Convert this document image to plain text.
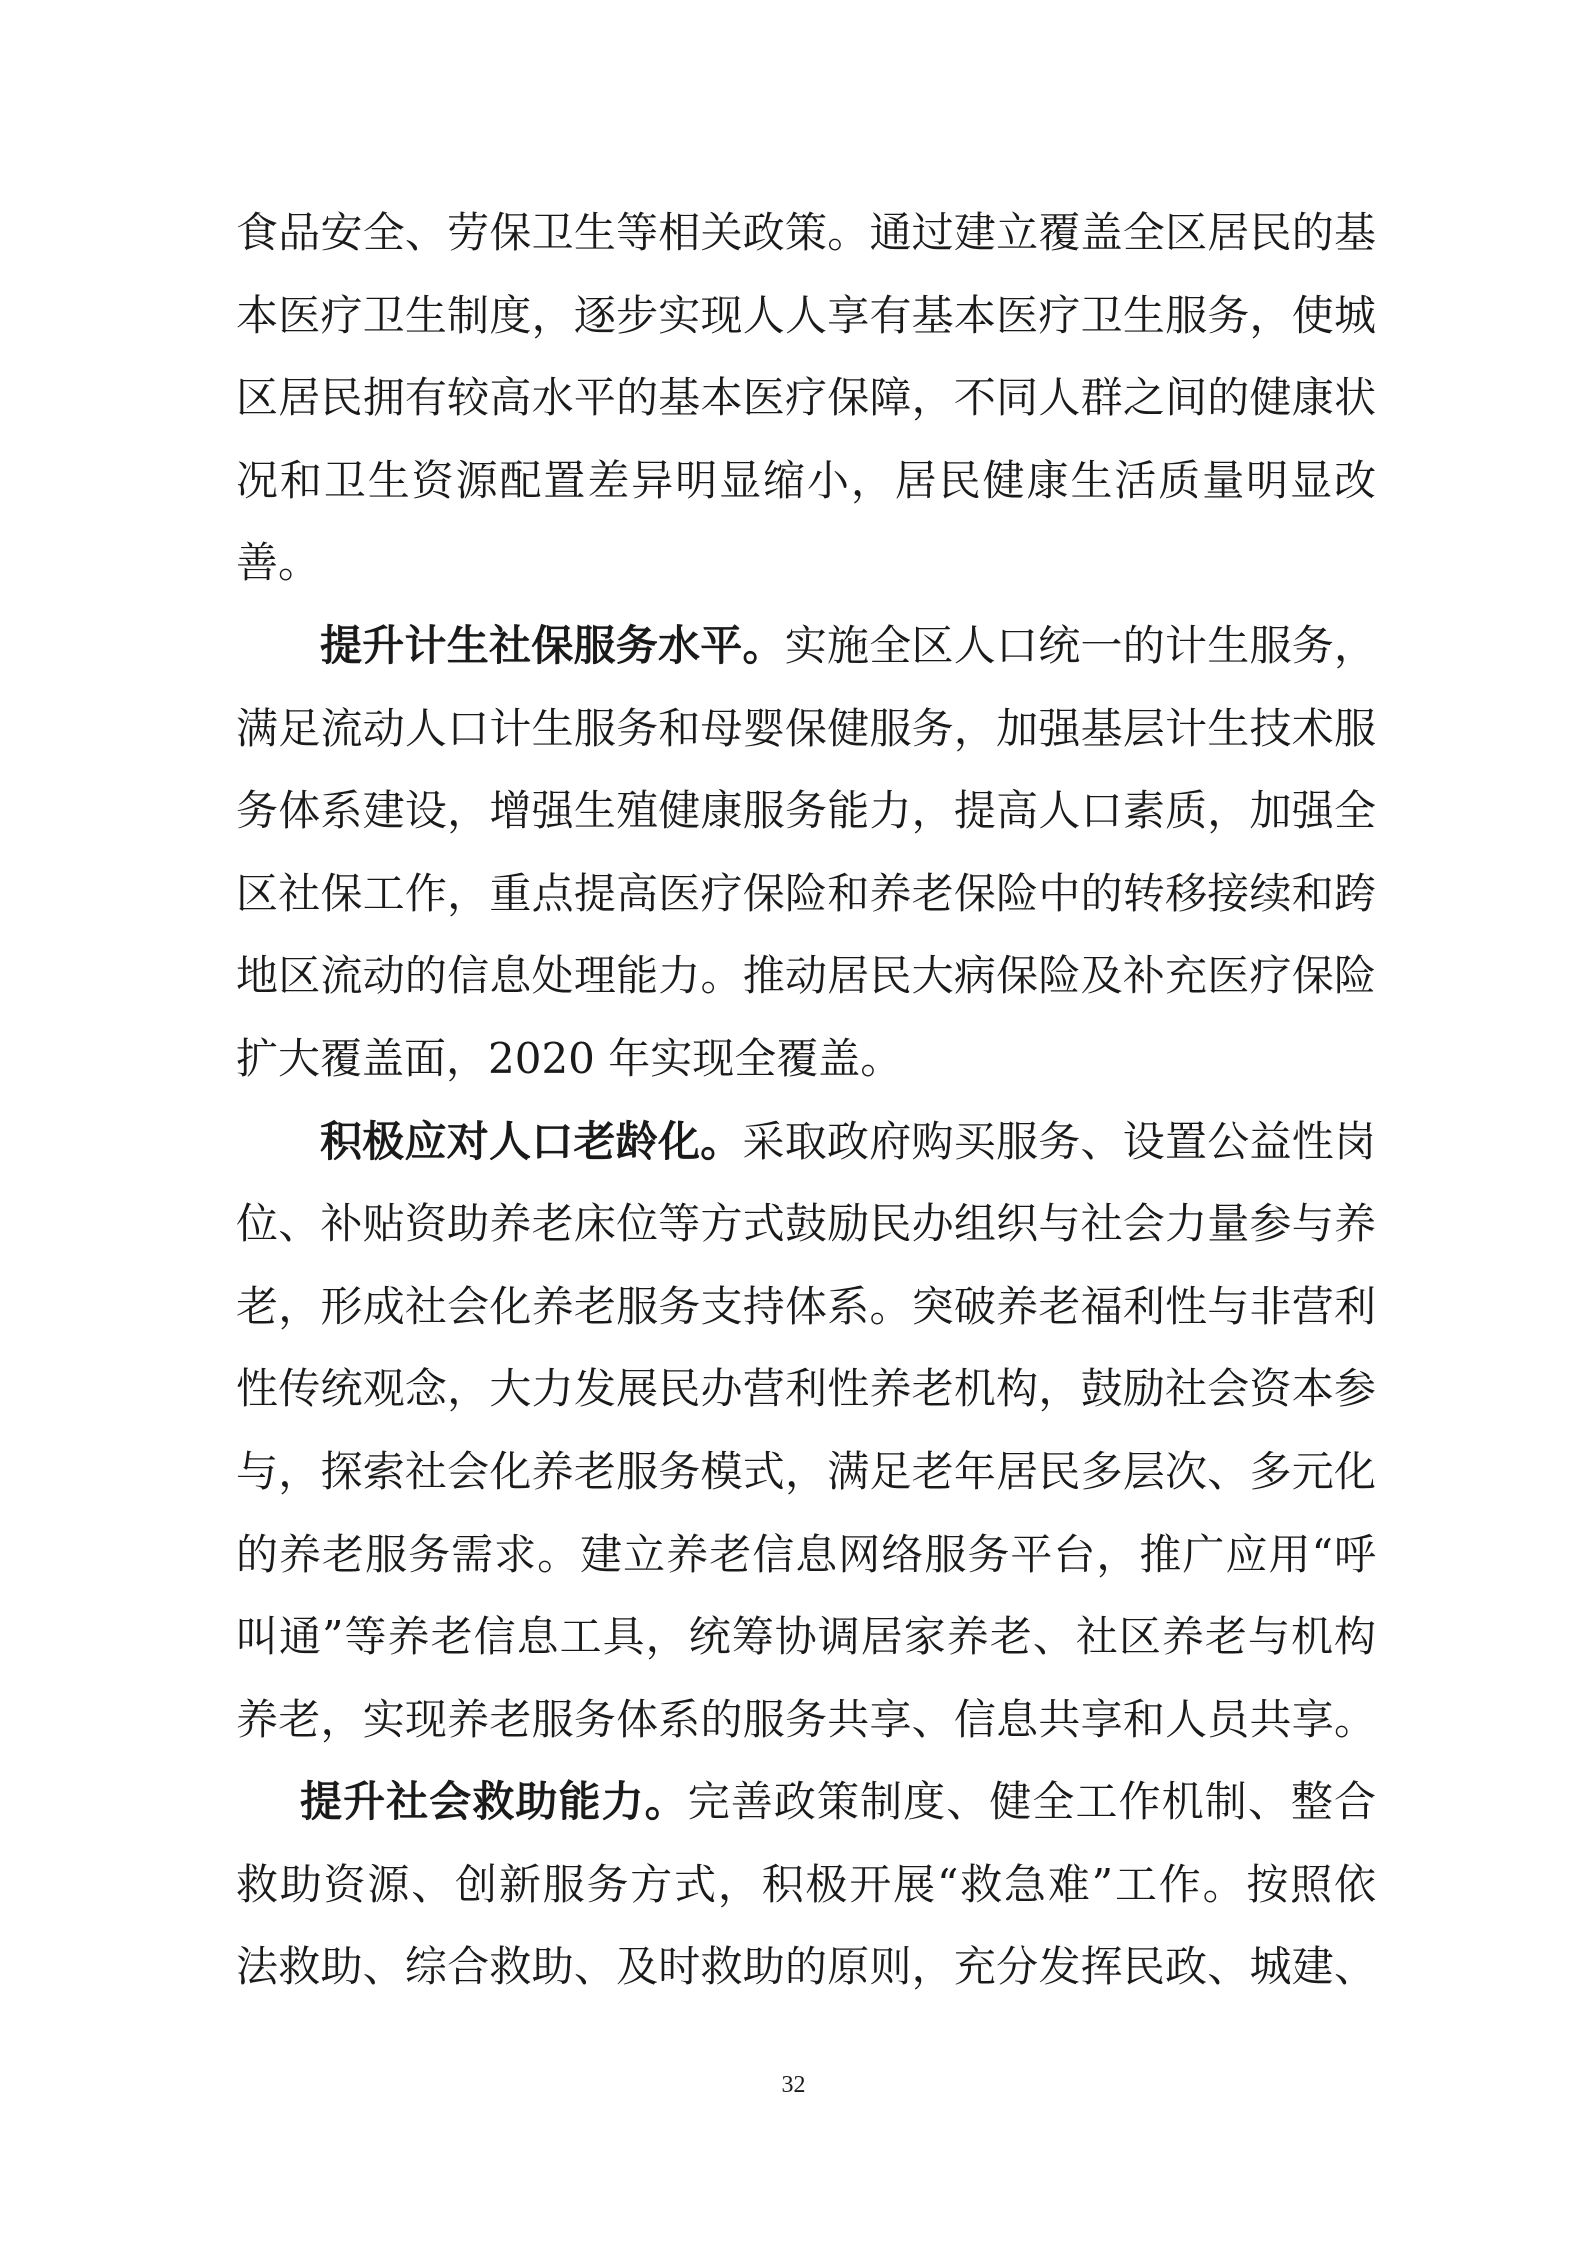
食品安全、劳保卫生等相关政策。通过建立覆盖全区居民的基
本医疗卫生制度，逐步实现人人享有基本医疗卫生服务，使城
区居民拥有较高水平的基本医疗保障，不同人群之间的健康状
况和卫生资源配置差异明显缩小，居民健康生活质量明显改
善。
提升计生社保服务水平。实施全区人口统一的计生服务，
满足流动人口计生服务和母婴保健服务，加强基层计生技术服
务体系建设，增强生殖健康服务能力，提高人口素质，加强全
区社保工作，重点提高医疗保险和养老保险中的转移接续和跨
地区流动的信息处理能力。推动居民大病保险及补充医疗保险
扩大覆盖面，2020 年实现全覆盖。
积极应对人口老龄化。采取政府购买服务、设置公益性岗
位、补贴资助养老床位等方式鼓励民办组织与社会力量参与养
老，形成社会化养老服务支持体系。突破养老福利性与非营利
性传统观念，大力发展民办营利性养老机构，鼓励社会资本参
与，探索社会化养老服务模式，满足老年居民多层次、多元化
的养老服务需求。建立养老信息网络服务平台，推广应用“呼
叫通”等养老信息工具，统筹协调居家养老、社区养老与机构
养老，实现养老服务体系的服务共享、信息共享和人员共享。
提升社会救助能力。完善政策制度、健全工作机制、整合
救助资源、创新服务方式，积极开展“救急难”工作。按照依
法救助、综合救助、及时救助的原则，充分发挥民政、城建、
32
